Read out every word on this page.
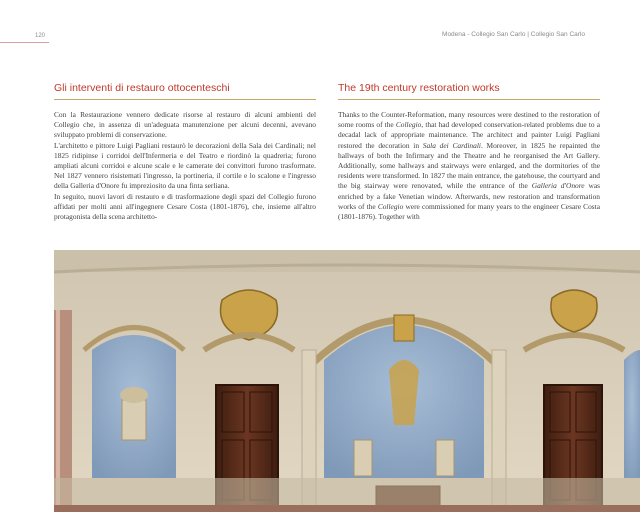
120	Modena - Collegio San Carlo | Collegio San Carlo
Gli interventi di restauro ottocenteschi

Con la Restaurazione vennero dedicate risorse al restauro di alcuni ambienti del Collegio che, in assenza di un'adeguata manutenzione per alcuni decenni, avevano sviluppato problemi di conservazione.

L'architetto e pittore Luigi Pagliani restaurò le decorazioni della Sala dei Cardinali; nel 1825 ridipinse i corridoi dell'Infermeria e del Teatro e riordinò la quadreria; furono ampliati alcuni corridoi e alcune scale e le camerate dei convittori furono trasformate. Nel 1827 vennero risistemati l'ingresso, la portineria, il cortile e lo scalone e l'ingresso della Galleria d'Onore fu impreziosito da una finta serliana.

In seguito, nuovi lavori di restauro e di trasformazione degli spazi del Collegio furono affidati per molti anni all'ingegnere Cesare Costa (1801-1876), che, insieme all'altro protagonista della scena architetto-

The 19th century restoration works

Thanks to the Counter-Reformation, many resources were destined to the restoration of some rooms of the Collegio, that had developed conservation-related problems due to a decadal lack of appropriate maintenance. The architect and painter Luigi Pagliani restored the decoration in Sala dei Cardinali. Moreover, in 1825 he repainted the hallways of both the Infirmary and the Theatre and he reorganised the Art Gallery. Additionally, some hallways and stairways were enlarged, and the dormitories of the residents were transformed. In 1827 the main entrance, the gatehouse, the courtyard and the big stairway were renovated, while the entrance of the Galleria d'Onore was enriched by a fake Venetian window. Afterwards, new restoration and transformation works of the Collegio were commissioned for many years to the engineer Cesare Costa (1801-1876). Together with
